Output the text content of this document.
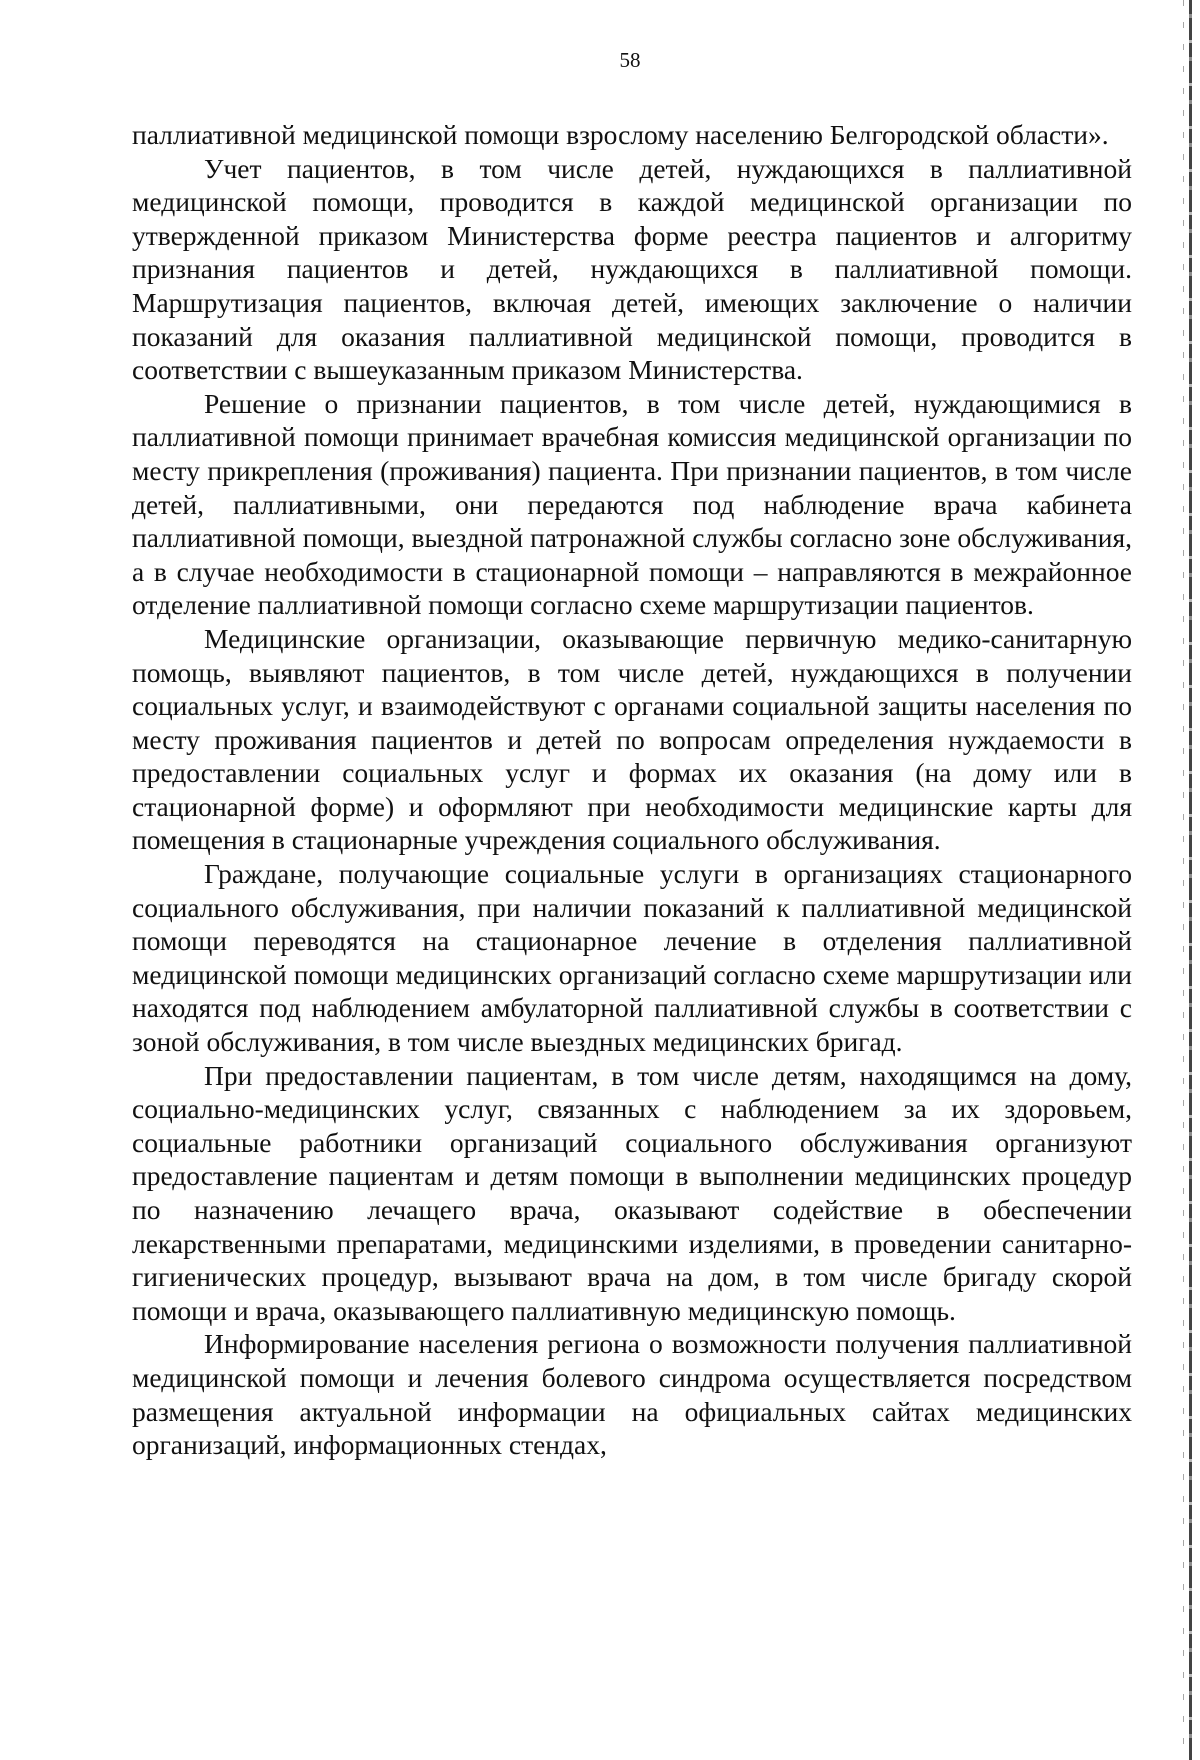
58

паллиативной медицинской помощи взрослому населению Белгородской области».

Учет пациентов, в том числе детей, нуждающихся в паллиативной медицинской помощи, проводится в каждой медицинской организации по утвержденной приказом Министерства форме реестра пациентов и алгоритму признания пациентов и детей, нуждающихся в паллиативной помощи. Маршрутизация пациентов, включая детей, имеющих заключение о наличии показаний для оказания паллиативной медицинской помощи, проводится в соответствии с вышеуказанным приказом Министерства.

Решение о признании пациентов, в том числе детей, нуждающимися в паллиативной помощи принимает врачебная комиссия медицинской организации по месту прикрепления (проживания) пациента. При признании пациентов, в том числе детей, паллиативными, они передаются под наблюдение врача кабинета паллиативной помощи, выездной патронажной службы согласно зоне обслуживания, а в случае необходимости в стационарной помощи – направляются в межрайонное отделение паллиативной помощи согласно схеме маршрутизации пациентов.

Медицинские организации, оказывающие первичную медико-санитарную помощь, выявляют пациентов, в том числе детей, нуждающихся в получении социальных услуг, и взаимодействуют с органами социальной защиты населения по месту проживания пациентов и детей по вопросам определения нуждаемости в предоставлении социальных услуг и формах их оказания (на дому или в стационарной форме) и оформляют при необходимости медицинские карты для помещения в стационарные учреждения социального обслуживания.

Граждане, получающие социальные услуги в организациях стационарного социального обслуживания, при наличии показаний к паллиативной медицинской помощи переводятся на стационарное лечение в отделения паллиативной медицинской помощи медицинских организаций согласно схеме маршрутизации или находятся под наблюдением амбулаторной паллиативной службы в соответствии с зоной обслуживания, в том числе выездных медицинских бригад.

При предоставлении пациентам, в том числе детям, находящимся на дому, социально-медицинских услуг, связанных с наблюдением за их здоровьем, социальные работники организаций социального обслуживания организуют предоставление пациентам и детям помощи в выполнении медицинских процедур по назначению лечащего врача, оказывают содействие в обеспечении лекарственными препаратами, медицинскими изделиями, в проведении санитарно-гигиенических процедур, вызывают врача на дом, в том числе бригаду скорой помощи и врача, оказывающего паллиативную медицинскую помощь.

Информирование населения региона о возможности получения паллиативной медицинской помощи и лечения болевого синдрома осуществляется посредством размещения актуальной информации на официальных сайтах медицинских организаций, информационных стендах,
